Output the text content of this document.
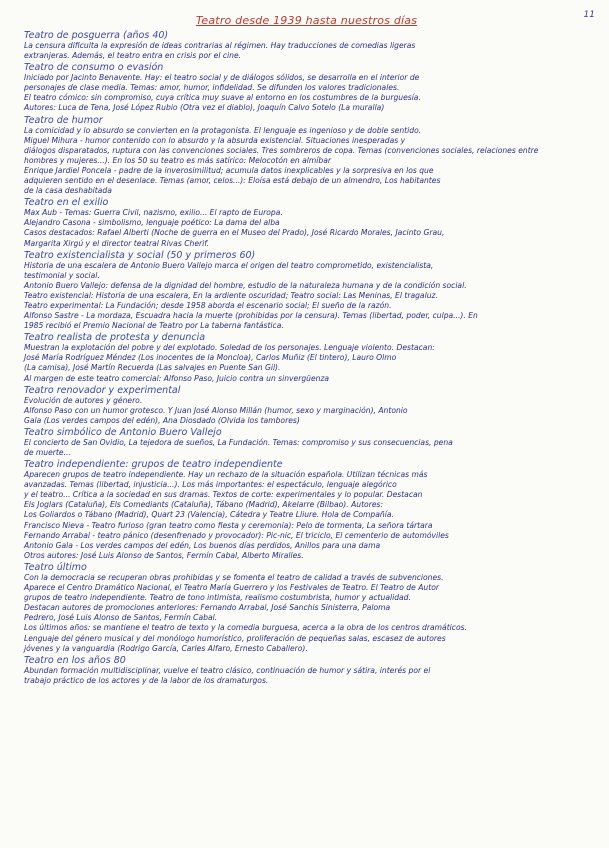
11
Teatro desde 1939 hasta nuestros días
Teatro de posguerra (años 40)
La censura dificulta la expresión de ideas contrarias al régimen. Hay traducciones de comedias ligeras
extranjeras. Además, el teatro entra en crisis por el cine.
Teatro de consumo o evasión
Iniciado por Jacinto Benavente. Hay: el teatro social y de diálogos sólidos, se desarrolla en el interior de
personajes de clase media. Temas: amor, humor, infidelidad. Se difunden los valores tradicionales.
El teatro cómico: sin compromiso, cuya crítica muy suave al entorno en los costumbres de la burguesía.
Autores: Luca de Tena, José López Rubio (Otra vez el diablo), Joaquín Calvo Sotelo (La muralla)
Teatro de humor
La comicidad y lo absurdo se convierten en la protagonista. El lenguaje es ingenioso y de doble sentido.
Miguel Mihura - humor contenido con lo absurdo y la absurda existencial. Situaciones inesperadas y
diálogos disparatados, ruptura con las convenciones sociales. Tres sombreros de copa. Temas (convenciones sociales, relaciones entre
hombres y mujeres...). En los 50 su teatro es más satírico: Melocotón en almíbar
Enrique Jardiel Poncela - padre de la inverosimilitud; acumula datos inexplicables y la sorpresiva en los que
adquieren sentido en el desenlace. Temas (amor, celos...): Eloísa está debajo de un almendro, Los habitantes
de la casa deshabitada
Teatro en el exilio
Max Aub - Temas: Guerra Civil, nazismo, exilio... El rapto de Europa.
Alejandro Casona - simbolismo, lenguaje poético: La dama del alba
Casos destacados: Rafael Alberti (Noche de guerra en el Museo del Prado), José Ricardo Morales, Jacinto Grau,
Margarita Xirgú y el director teatral Rivas Cherif.
Teatro existencialista y social (50 y primeros 60)
Historia de una escalera de Antonio Buero Vallejo marca el origen del teatro comprometido, existencialista,
testimonial y social.
Antonio Buero Vallejo: defensa de la dignidad del hombre, estudio de la naturaleza humana y de la condición social.
Teatro existencial: Historia de una escalera, En la ardiente oscuridad; Teatro social: Las Meninas, El tragaluz.
Teatro experimental: La Fundación; desde 1958 aborda el escenario social; El sueño de la razón.
Alfonso Sastre - La mordaza, Escuadra hacia la muerte (prohibidas por la censura). Temas (libertad, poder, culpa...). En
1985 recibió el Premio Nacional de Teatro por La taberna fantástica.
Teatro realista de protesta y denuncia
Muestran la explotación del pobre y del explotado. Soledad de los personajes. Lenguaje violento. Destacan:
José María Rodríguez Méndez (Los inocentes de la Moncloa), Carlos Muñiz (El tintero), Lauro Olmo
(La camisa), José Martín Recuerda (Las salvajes en Puente San Gil).
Al margen de este teatro comercial: Alfonso Paso, Juicio contra un sinvergüenza
Teatro renovador y experimental
Evolución de autores y género.
Alfonso Paso con un humor grotesco. Y Juan José Alonso Millán (humor, sexo y marginación), Antonio
Gala (Los verdes campos del edén), Ana Diosdado (Olvida los tambores)
Teatro simbólico de Antonio Buero Vallejo
El concierto de San Ovidio, La tejedora de sueños, La Fundación. Temas: compromiso y sus consecuencias, pena
de muerte...
Teatro independiente: grupos de teatro independiente
Aparecen grupos de teatro independiente. Hay un rechazo de la situación española. Utilizan técnicas más
avanzadas. Temas (libertad, injusticia...). Los más importantes: el espectáculo, lenguaje alegórico
y el teatro... Crítica a la sociedad en sus dramas. Textos de corte: experimentales y lo popular. Destacan
Els Joglars (Cataluña), Els Comediants (Cataluña), Tábano (Madrid), Akelarre (Bilbao). Autores:
Los Goliardos o Tábano (Madrid), Quart 23 (Valencia), Cátedra y Teatre Lliure. Hola de Compañía.
Francisco Nieva - Teatro furioso (gran teatro como fiesta y ceremonia): Pelo de tormenta, La señora tártara
Fernando Arrabal - teatro pánico (desenfrenado y provocador): Pic-nic, El triciclo, El cementerio de automóviles
Antonio Gala - Los verdes campos del edén, Los buenos días perdidos, Anillos para una dama
Otros autores: José Luis Alonso de Santos, Fermín Cabal, Alberto Miralles.
Teatro último
Con la democracia se recuperan obras prohibidas y se fomenta el teatro de calidad a través de subvenciones.
Aparece el Centro Dramático Nacional, el Teatro María Guerrero y los Festivales de Teatro. El Teatro de Autor
grupos de teatro independiente. Teatro de tono intimista, realismo costumbrista, humor y actualidad.
Destacan autores de promociones anteriores: Fernando Arrabal, José Sanchis Sinisterra, Paloma
Pedrero, José Luis Alonso de Santos, Fermín Cabal.
Los últimos años: se mantiene el teatro de texto y la comedia burguesa, acerca a la obra de los centros dramáticos.
Lenguaje del género musical y del monólogo humorístico, proliferación de pequeñas salas, escasez de autores
jóvenes y la vanguardia (Rodrigo García, Carles Alfaro, Ernesto Caballero).
Teatro en los años 80
Abundan formación multidisciplinar, vuelve el teatro clásico, continuación de humor y sátira, interés por el
trabajo práctico de los actores y de la labor de los dramaturgos.
